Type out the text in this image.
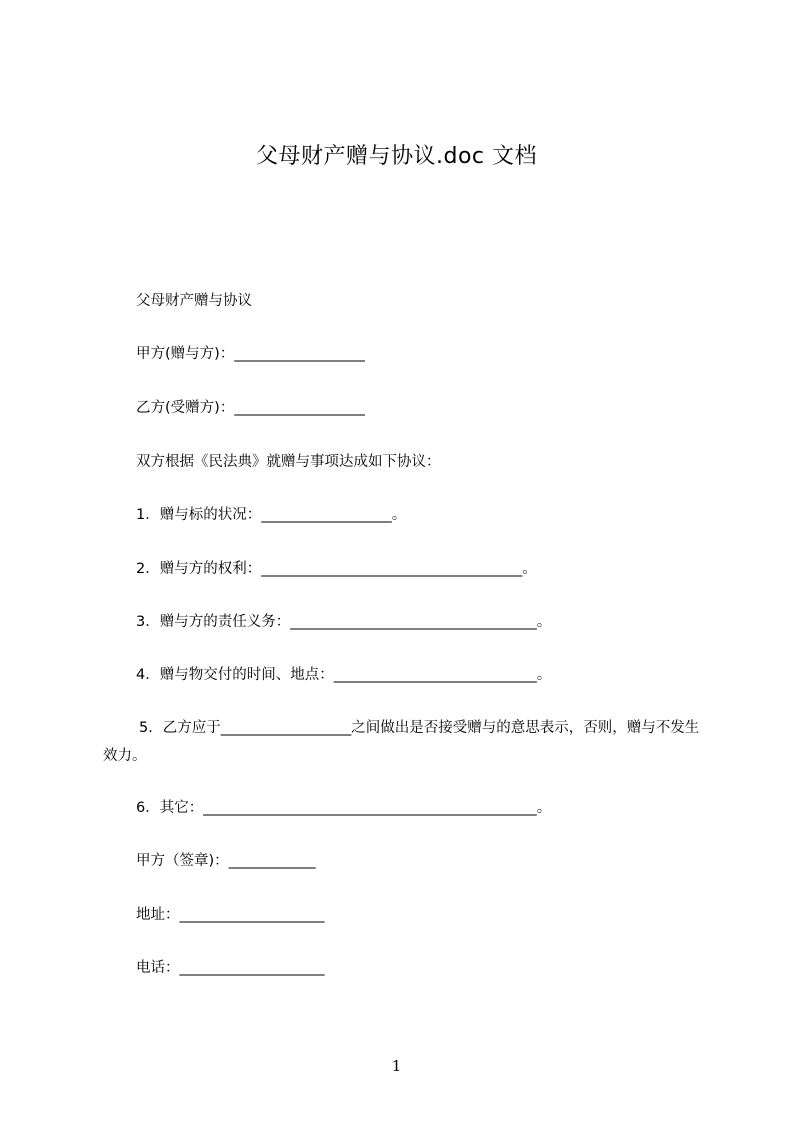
父母财产赠与协议.doc 文档
父母财产赠与协议
甲方(赠与方)：__________________
乙方(受赠方)：__________________
双方根据《民法典》就赠与事项达成如下协议：
1．赠与标的状况：__________________。
2．赠与方的权利：____________________________________。
3．赠与方的责任义务：__________________________________。
4．赠与物交付的时间、地点：____________________________。
5．乙方应于__________________之间做出是否接受赠与的意思表示，否则，赠与不发生效力。
6．其它：______________________________________________。
甲方（签章)：____________
地址：____________________
电话：____________________
1
